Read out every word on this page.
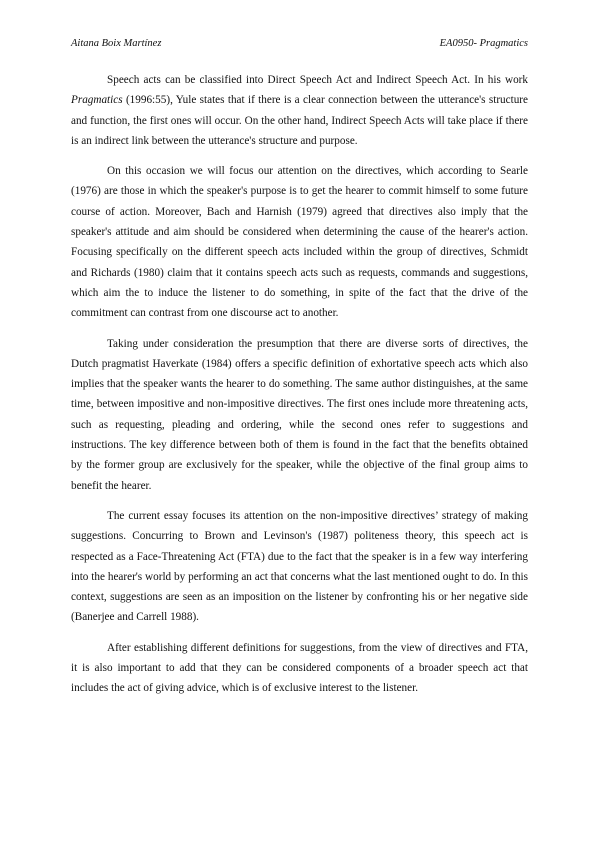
Aitana Boix Martínez	EA0950- Pragmatics

Speech acts can be classified into Direct Speech Act and Indirect Speech Act. In his work Pragmatics (1996:55), Yule states that if there is a clear connection between the utterance's structure and function, the first ones will occur. On the other hand, Indirect Speech Acts will take place if there is an indirect link between the utterance's structure and purpose.

On this occasion we will focus our attention on the directives, which according to Searle (1976) are those in which the speaker's purpose is to get the hearer to commit himself to some future course of action. Moreover, Bach and Harnish (1979) agreed that directives also imply that the speaker's attitude and aim should be considered when determining the cause of the hearer's action. Focusing specifically on the different speech acts included within the group of directives, Schmidt and Richards (1980) claim that it contains speech acts such as requests, commands and suggestions, which aim the to induce the listener to do something, in spite of the fact that the drive of the commitment can contrast from one discourse act to another.

Taking under consideration the presumption that there are diverse sorts of directives, the Dutch pragmatist Haverkate (1984) offers a specific definition of exhortative speech acts which also implies that the speaker wants the hearer to do something. The same author distinguishes, at the same time, between impositive and non-impositive directives. The first ones include more threatening acts, such as requesting, pleading and ordering, while the second ones refer to suggestions and instructions. The key difference between both of them is found in the fact that the benefits obtained by the former group are exclusively for the speaker, while the objective of the final group aims to benefit the hearer.

The current essay focuses its attention on the non-impositive directives’ strategy of making suggestions. Concurring to Brown and Levinson's (1987) politeness theory, this speech act is respected as a Face-Threatening Act (FTA) due to the fact that the speaker is in a few way interfering into the hearer's world by performing an act that concerns what the last mentioned ought to do. In this context, suggestions are seen as an imposition on the listener by confronting his or her negative side (Banerjee and Carrell 1988).

After establishing different definitions for suggestions, from the view of directives and FTA, it is also important to add that they can be considered components of a broader speech act that includes the act of giving advice, which is of exclusive interest to the listener.
